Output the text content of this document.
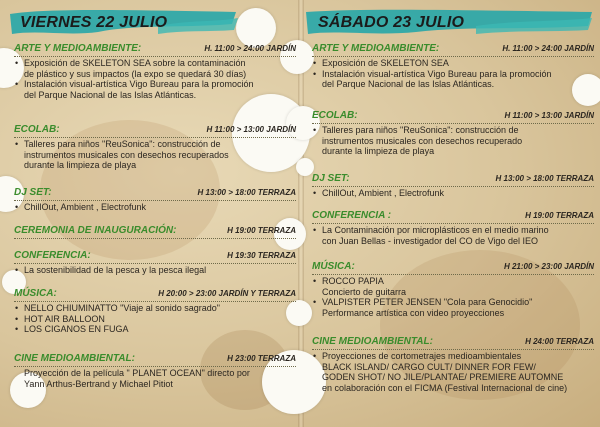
VIERNES 22 JULIO
ARTE Y MEDIOAMBIENTE:	H. 11:00 > 24:00 JARDÍN
• Exposición de SKELETON SEA sobre la contaminación
de plástico y sus impactos (la expo se quedará 30 días)
• Instalación visual-artística Vigo Bureau para la promoción
del Parque Nacional de las Islas Atlánticas.
ECOLAB:	H 11:00 > 13:00 JARDÍN
• Talleres para niños "ReuSonica": construcción de
instrumentos musicales con desechos recuperados
durante la limpieza de playa
DJ SET:	H 13:00 > 18:00 TERRAZA
• ChillOut, Ambient , Electrofunk
CEREMONIA DE INAUGURACIÓN:	H 19:00 TERRAZA
CONFERENCIA:	H 19:30 TERRAZA
• La sostenibilidad de la pesca y la pesca ilegal
MÚSICA:	H 20:00 > 23:00 JARDÍN Y TERRAZA
• NELLO CHIUMINATTO "Viaje al sonido sagrado"
• HOT AIR BALLOON
• LOS CIGANOS EN FUGA
CINE MEDIOAMBIENTAL:	H 23:00 TERRAZA
Proyección de la película " PLANET OCEAN" directo por
Yann Arthus-Bertrand y Michael Pitiot
SÁBADO 23 JULIO
ARTE Y MEDIOAMBIENTE:	H. 11:00 > 24:00 JARDÍN
• Exposición de SKELETON SEA
• Instalación visual-artística Vigo Bureau para la promoción
del Parque Nacional de las Islas Atlánticas.
ECOLAB:	H 11:00 > 13:00 JARDÍN
• Talleres para niños "ReuSonica": construcción de
instrumentos musicales con desechos recuperado
durante la limpieza de playa
DJ SET:	H 13:00 > 18:00 TERRAZA
• ChillOut, Ambient , Electrofunk
CONFERENCIA :	H 19:00 TERRAZA
• La Contaminación por microplásticos en el medio marino
con Juan Bellas - investigador del CO de Vigo del IEO
MÚSICA:	H 21:00 > 23:00 JARDÍN
• ROCCO PAPIA
Concierto de guitarra
• VALPISTER PETER JENSEN "Cola para Genocidio"
Performance artística con video proyecciones
CINE MEDIOAMBIENTAL:	H 24:00 TERRAZA
• Proyecciones de cortometrajes medioambientales
BLACK ISLAND/ CARGO CULT/ DINNER FOR FEW/
GODEN SHOT/ NO JILE/PLANTAE/ PREMIERE AUTOMNE
en colaboración con el FICMA (Festival Internacional de cine)
